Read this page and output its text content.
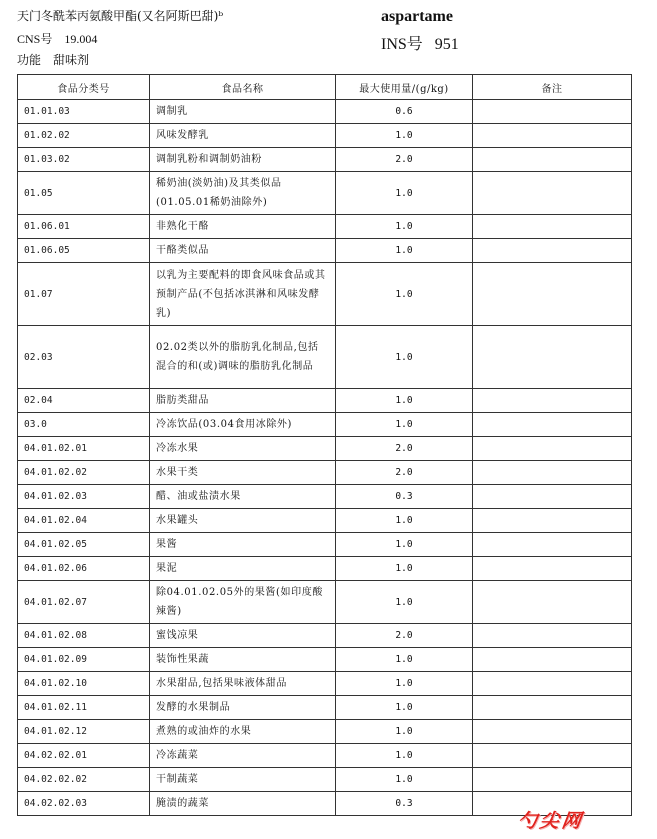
天门冬酰苯丙氨酸甲酯(又名阿斯巴甜)ᵇ	aspartame
CNS号 19.004	INS号 951
功能 甜味剂
食品分类号	食品名称	最大使用量/(g/kg)	备注
01.01.03	调制乳	0.6	
01.02.02	风味发酵乳	1.0	
01.03.02	调制乳粉和调制奶油粉	2.0	
01.05	稀奶油(淡奶油)及其类似品(01.05.01稀奶油除外)	1.0	
01.06.01	非熟化干酪	1.0	
01.06.05	干酪类似品	1.0	
01.07	以乳为主要配料的即食风味食品或其预制产品(不包括冰淇淋和风味发酵乳)	1.0	
02.03	02.02类以外的脂肪乳化制品,包括混合的和(或)调味的脂肪乳化制品	1.0	
02.04	脂肪类甜品	1.0	
03.0	冷冻饮品(03.04食用冰除外)	1.0	
04.01.02.01	冷冻水果	2.0	
04.01.02.02	水果干类	2.0	
04.01.02.03	醋、油或盐渍水果	0.3	
04.01.02.04	水果罐头	1.0	
04.01.02.05	果酱	1.0	
04.01.02.06	果泥	1.0	
04.01.02.07	除04.01.02.05外的果酱(如印度酸辣酱)	1.0	
04.01.02.08	蜜饯凉果	2.0	
04.01.02.09	装饰性果蔬	1.0	
04.01.02.10	水果甜品,包括果味液体甜品	1.0	
04.01.02.11	发酵的水果制品	1.0	
04.01.02.12	煮熟的或油炸的水果	1.0	
04.02.02.01	冷冻蔬菜	1.0	
04.02.02.02	干制蔬菜	1.0	
04.02.02.03	腌渍的蔬菜	0.3	
勺尖网
